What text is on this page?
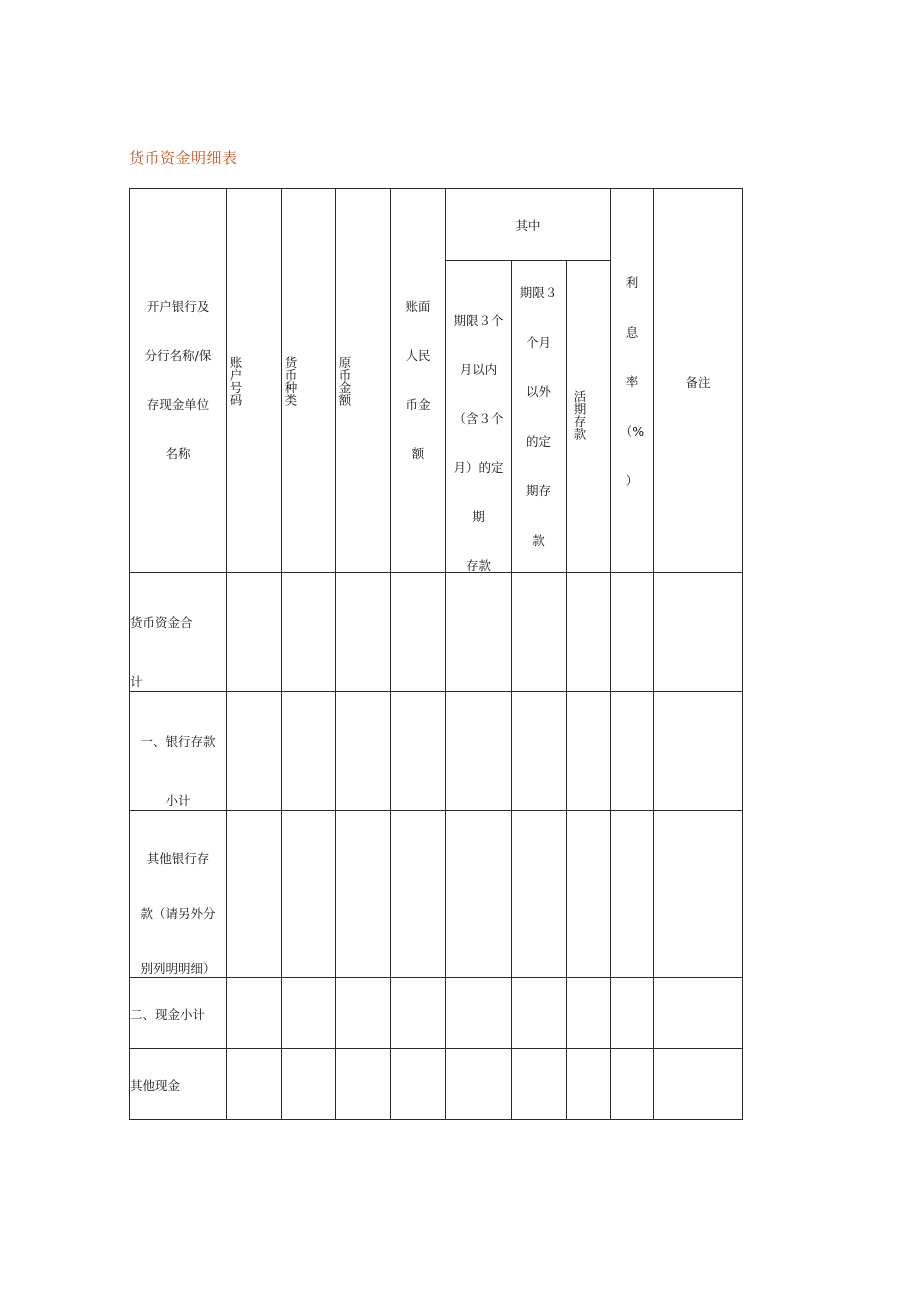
货币资金明细表
开户银行及
分行名称/保
存现金单位
名称
账户号码	货币种类	原币金额
账面
人民
币金
额
其中
期限３个
月以内
（含３个
月）的定
期
存款
期限３
个月
以外
的定
期存
款
活期存款
利
息
率
（%
）
备注
货币资金合
计
一、银行存款
小计
其他银行存
款（请另外分
别列明明细）
二、现金小计
其他现金
